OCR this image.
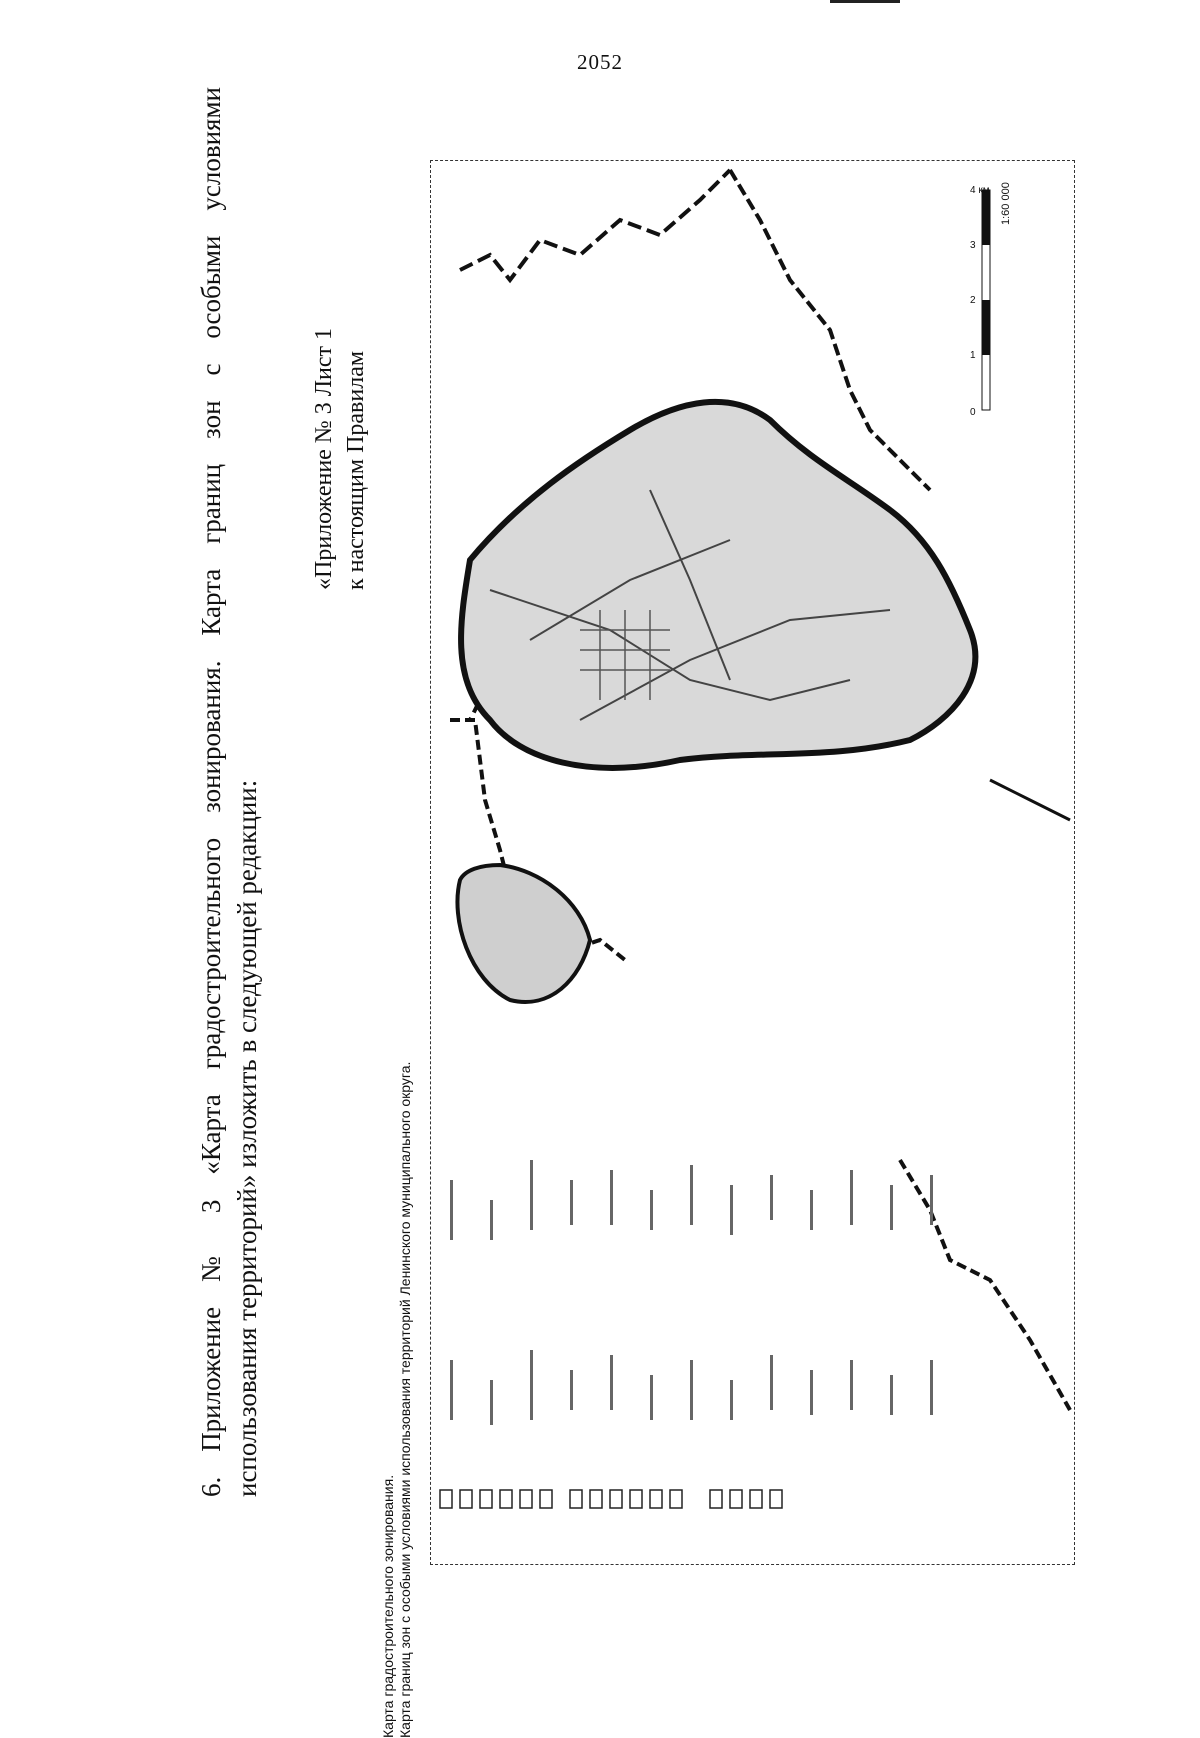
2052
6. Приложение № 3 «Карта градостроительного зонирования. Карта границ зон с особыми условиями использования территорий» изложить в следующей редакции:
«Приложение № 3 Лист 1 к настоящим Правилам
Карта градостроительного зонирования. Карта границ зон с особыми условиями использования территорий Ленинского муниципального округа.
0
1
2
3
4 км 1:60 000
